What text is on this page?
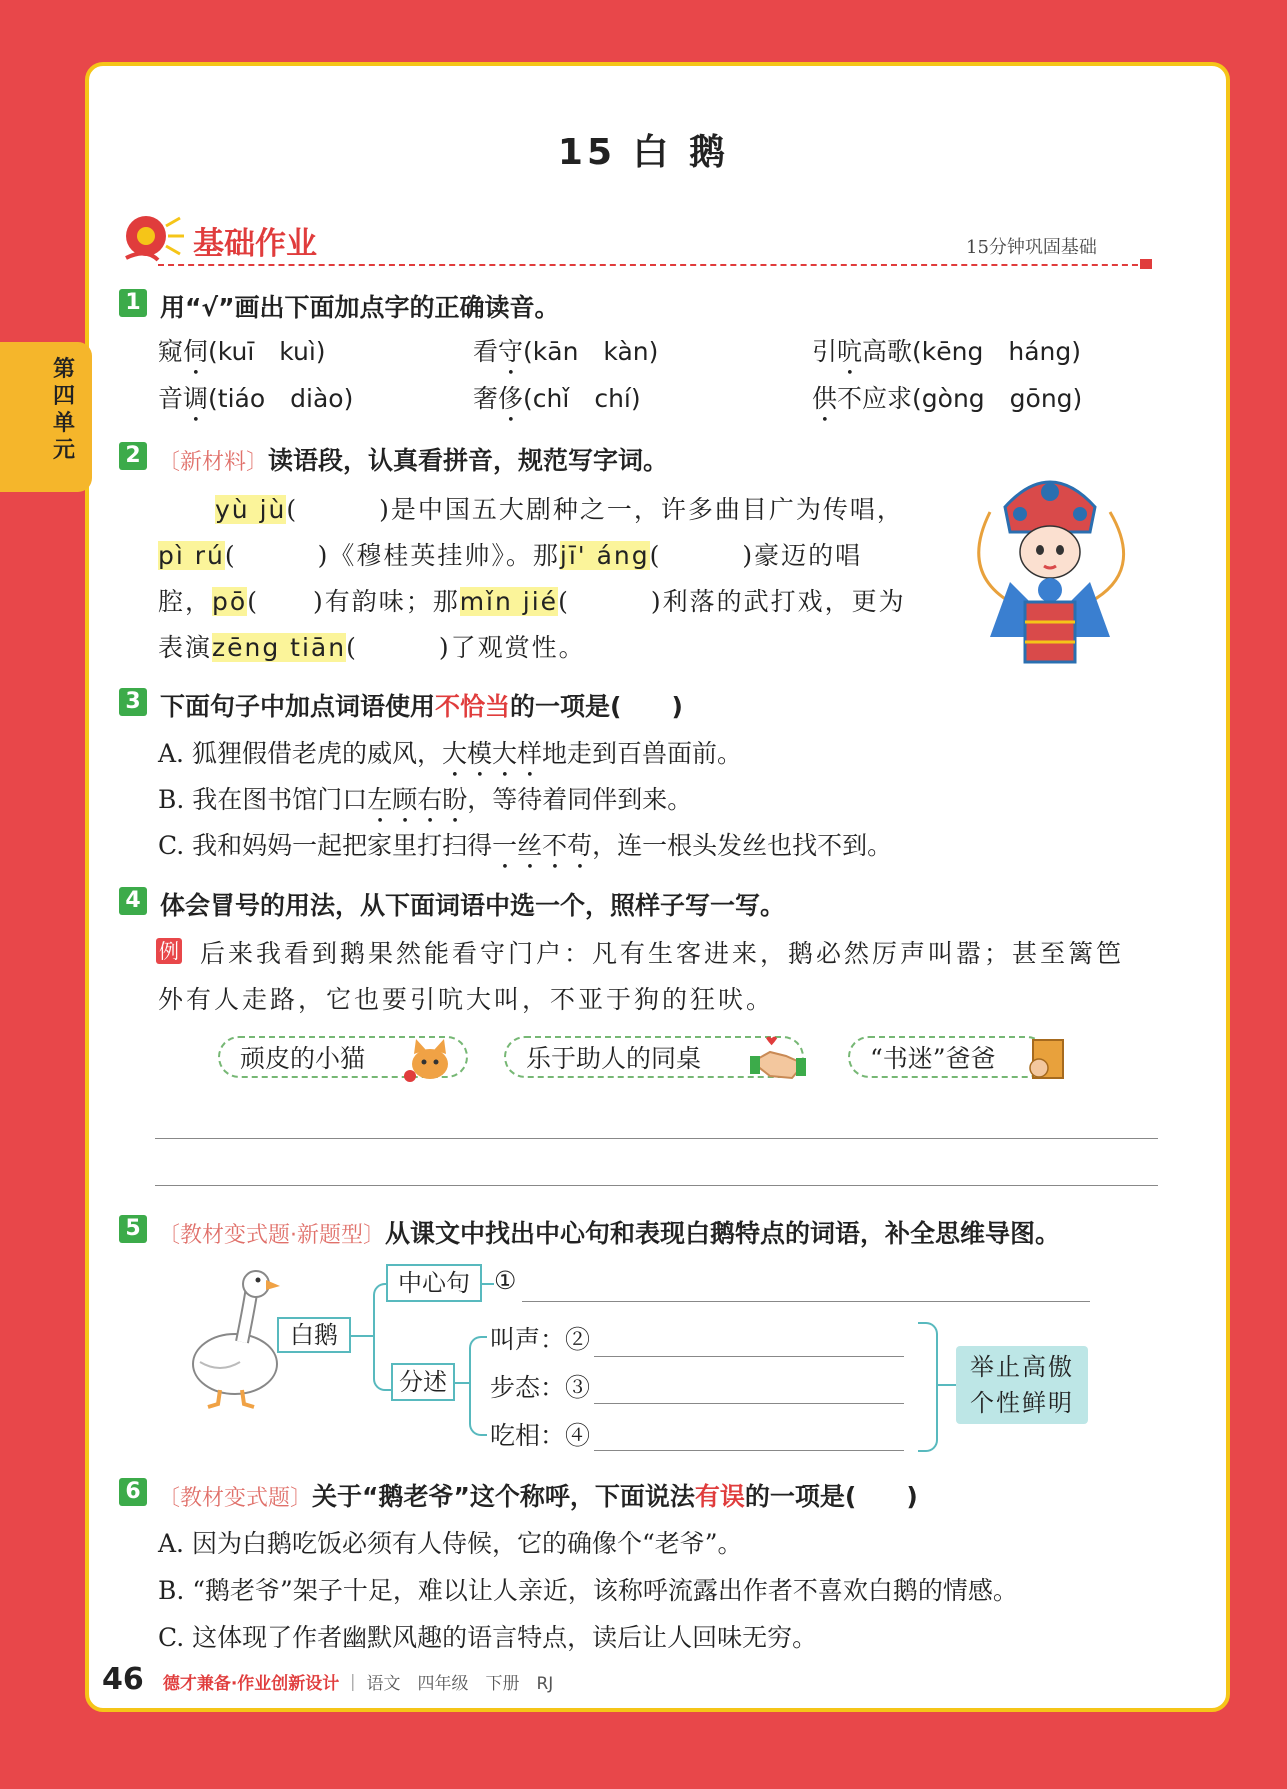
第四单元
15 白 鹅
基础作业	15分钟巩固基础
1 用“√”画出下面加点字的正确读音。
窥伺(kuī　kuì)	看守(kān　kàn)	引吭高歌(kēng　háng)
音调(tiáo　diào)	奢侈(chǐ　chí)	供不应求(gòng　gōng)
2 〔新材料〕读语段，认真看拼音，规范写字词。
yù jù(　　　)是中国五大剧种之一，许多曲目广为传唱，
pì rú(　　　)《穆桂英挂帅》。那jī' áng(　　　)豪迈的唱
腔，pō(　　)有韵味；那mǐn jié(　　　)利落的武打戏，更为
表演zēng tiān(　　　)了观赏性。
3 下面句子中加点词语使用不恰当的一项是(　　)
A. 狐狸假借老虎的威风，大模大样地走到百兽面前。
B. 我在图书馆门口左顾右盼，等待着同伴到来。
C. 我和妈妈一起把家里打扫得一丝不苟，连一根头发丝也找不到。
4 体会冒号的用法，从下面词语中选一个，照样子写一写。
例 后来我看到鹅果然能看守门户：凡有生客进来，鹅必然厉声叫嚣；甚至篱笆
外有人走路，它也要引吭大叫，不亚于狗的狂吠。
顽皮的小猫	乐于助人的同桌	“书迷”爸爸
5 〔教材变式题·新题型〕从课文中找出中心句和表现白鹅特点的词语，补全思维导图。
白鹅
中心句 ①
分述
叫声：②
步态：③
吃相：④
举止高傲
个性鲜明
6 〔教材变式题〕关于“鹅老爷”这个称呼，下面说法有误的一项是(　　)
A. 因为白鹅吃饭必须有人侍候，它的确像个“老爷”。
B. “鹅老爷”架子十足，难以让人亲近，该称呼流露出作者不喜欢白鹅的情感。
C. 这体现了作者幽默风趣的语言特点，读后让人回味无穷。
46 德才兼备·作业创新设计 ｜ 语文　四年级　下册　RJ
